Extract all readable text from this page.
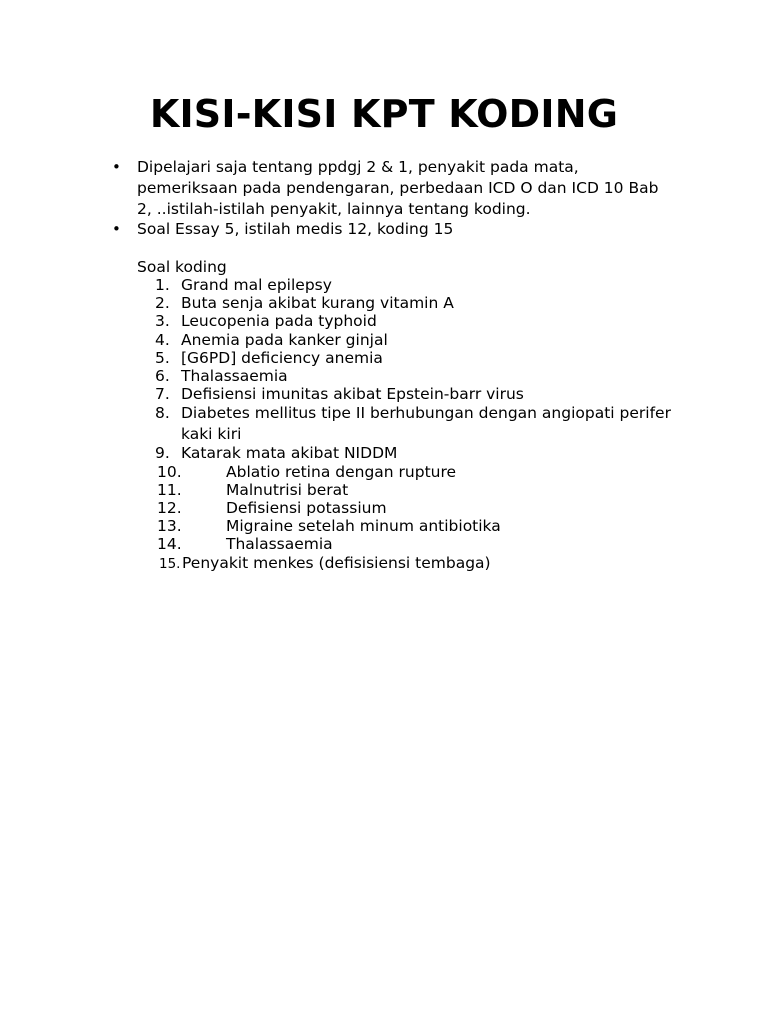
KISI-KISI KPT KODING
• Dipelajari saja tentang ppdgj 2 & 1, penyakit pada mata, pemeriksaan pada pendengaran, perbedaan ICD O dan ICD 10 Bab 2, ..istilah-istilah penyakit, lainnya tentang koding.
• Soal Essay 5, istilah medis 12, koding 15

Soal koding

1. Grand mal epilepsy
2. Buta senja akibat kurang vitamin A
3. Leucopenia pada typhoid
4. Anemia pada kanker ginjal
5. [G6PD] deficiency anemia
6. Thalassaemia
7. Defisiensi imunitas akibat Epstein-barr virus
8. Diabetes mellitus tipe II berhubungan dengan angiopati perifer kaki kiri
9. Katarak mata akibat NIDDM
10.	Ablatio retina dengan rupture
11.	Malnutrisi berat
12.	Defisiensi potassium
13.	Migraine setelah minum antibiotika
14.	Thalassaemia
15. Penyakit menkes (defisisiensi tembaga)
